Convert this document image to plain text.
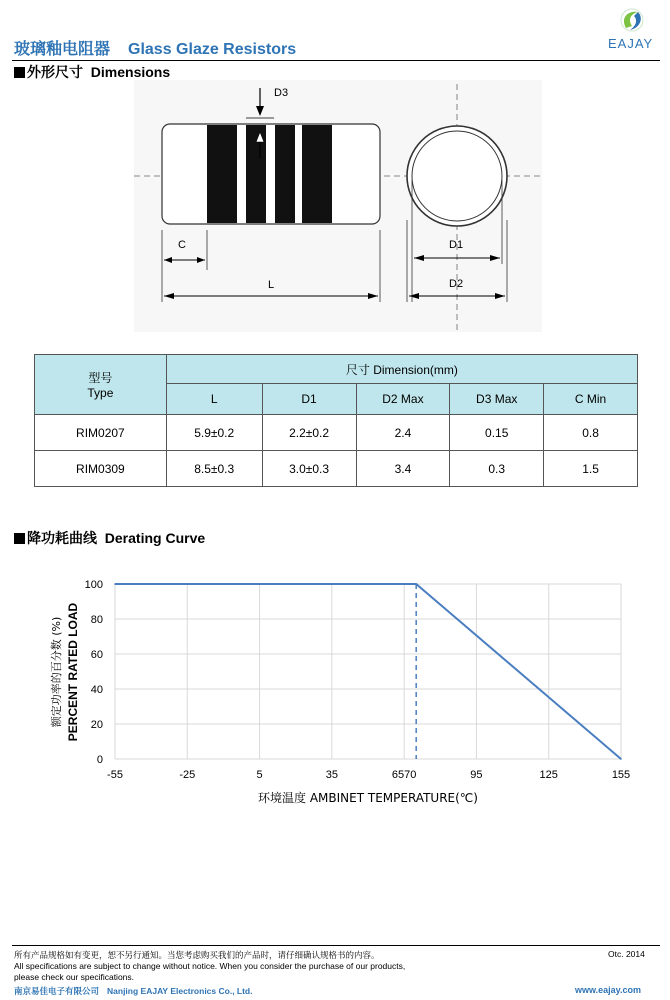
玻璃釉电阻器 Glass Glaze Resistors	EAJAY
外形尺寸 Dimensions
D3
C
L
D1
D2
型号
Type	尺寸 Dimension(mm)				
	L	D1	D2 Max	D3 Max	C Min
RIM0207	5.9±0.2	2.2±0.2	2.4	0.15	0.8
RIM0309	8.5±0.3	3.0±0.3	3.4	0.3	1.5
降功耗曲线 Derating Curve
100
80
60
40
20
0
-55	-25	5	35	6570	95	125	155
额定功率的百分数 (%) PERCENT RATED LOAD
环境温度 AMBINET TEMPERATURE(℃)
所有产品规格如有变更，恕不另行通知。当您考虑购买我们的产品时，请仔细确认规格书的内容。
All specifications are subject to change without notice. When you consider the purchase of our products,
please check our specifications.
Otc. 2014
南京易佳电子有限公司 Nanjing EAJAY Electronics Co., Ltd.	www.eajay.com
